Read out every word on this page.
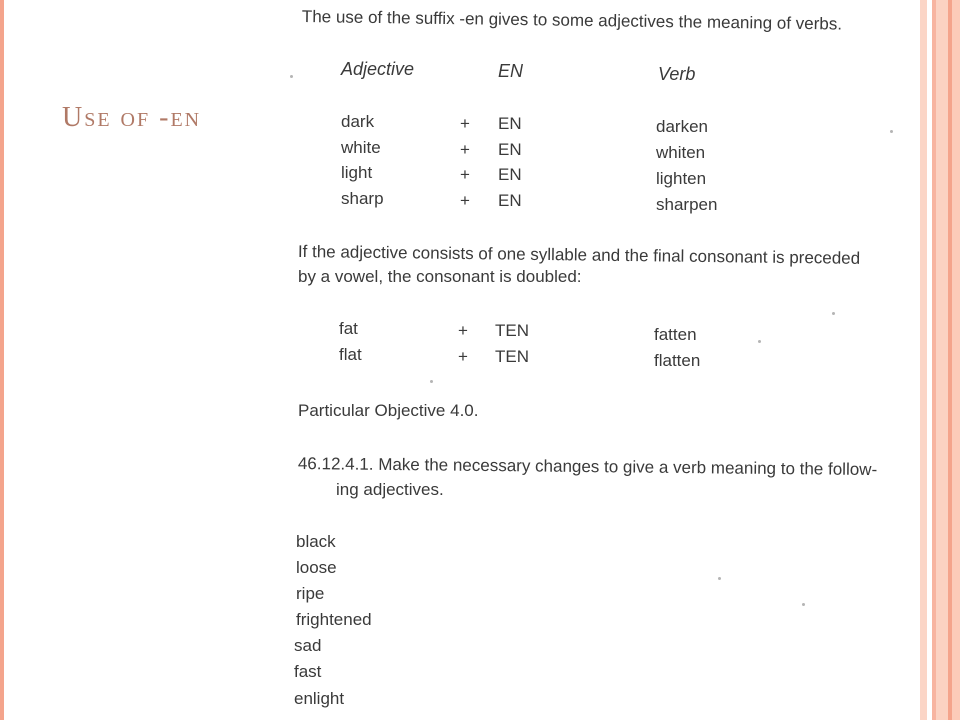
Use of -en
The use of the suffix -en gives to some adjectives the meaning of verbs.
Adjective	EN	Verb
dark	+ EN	darken
white	+ EN	whiten
light	+ EN	lighten
sharp	+ EN	sharpen
If the adjective consists of one syllable and the final consonant is preceded
by a vowel, the consonant is doubled:
fat	+ TEN	fatten
flat	+ TEN	flatten
Particular Objective 4.0.
46.12.4.1. Make the necessary changes to give a verb meaning to the follow-
ing adjectives.
black
loose
ripe
frightened
sad
fast
enlight
